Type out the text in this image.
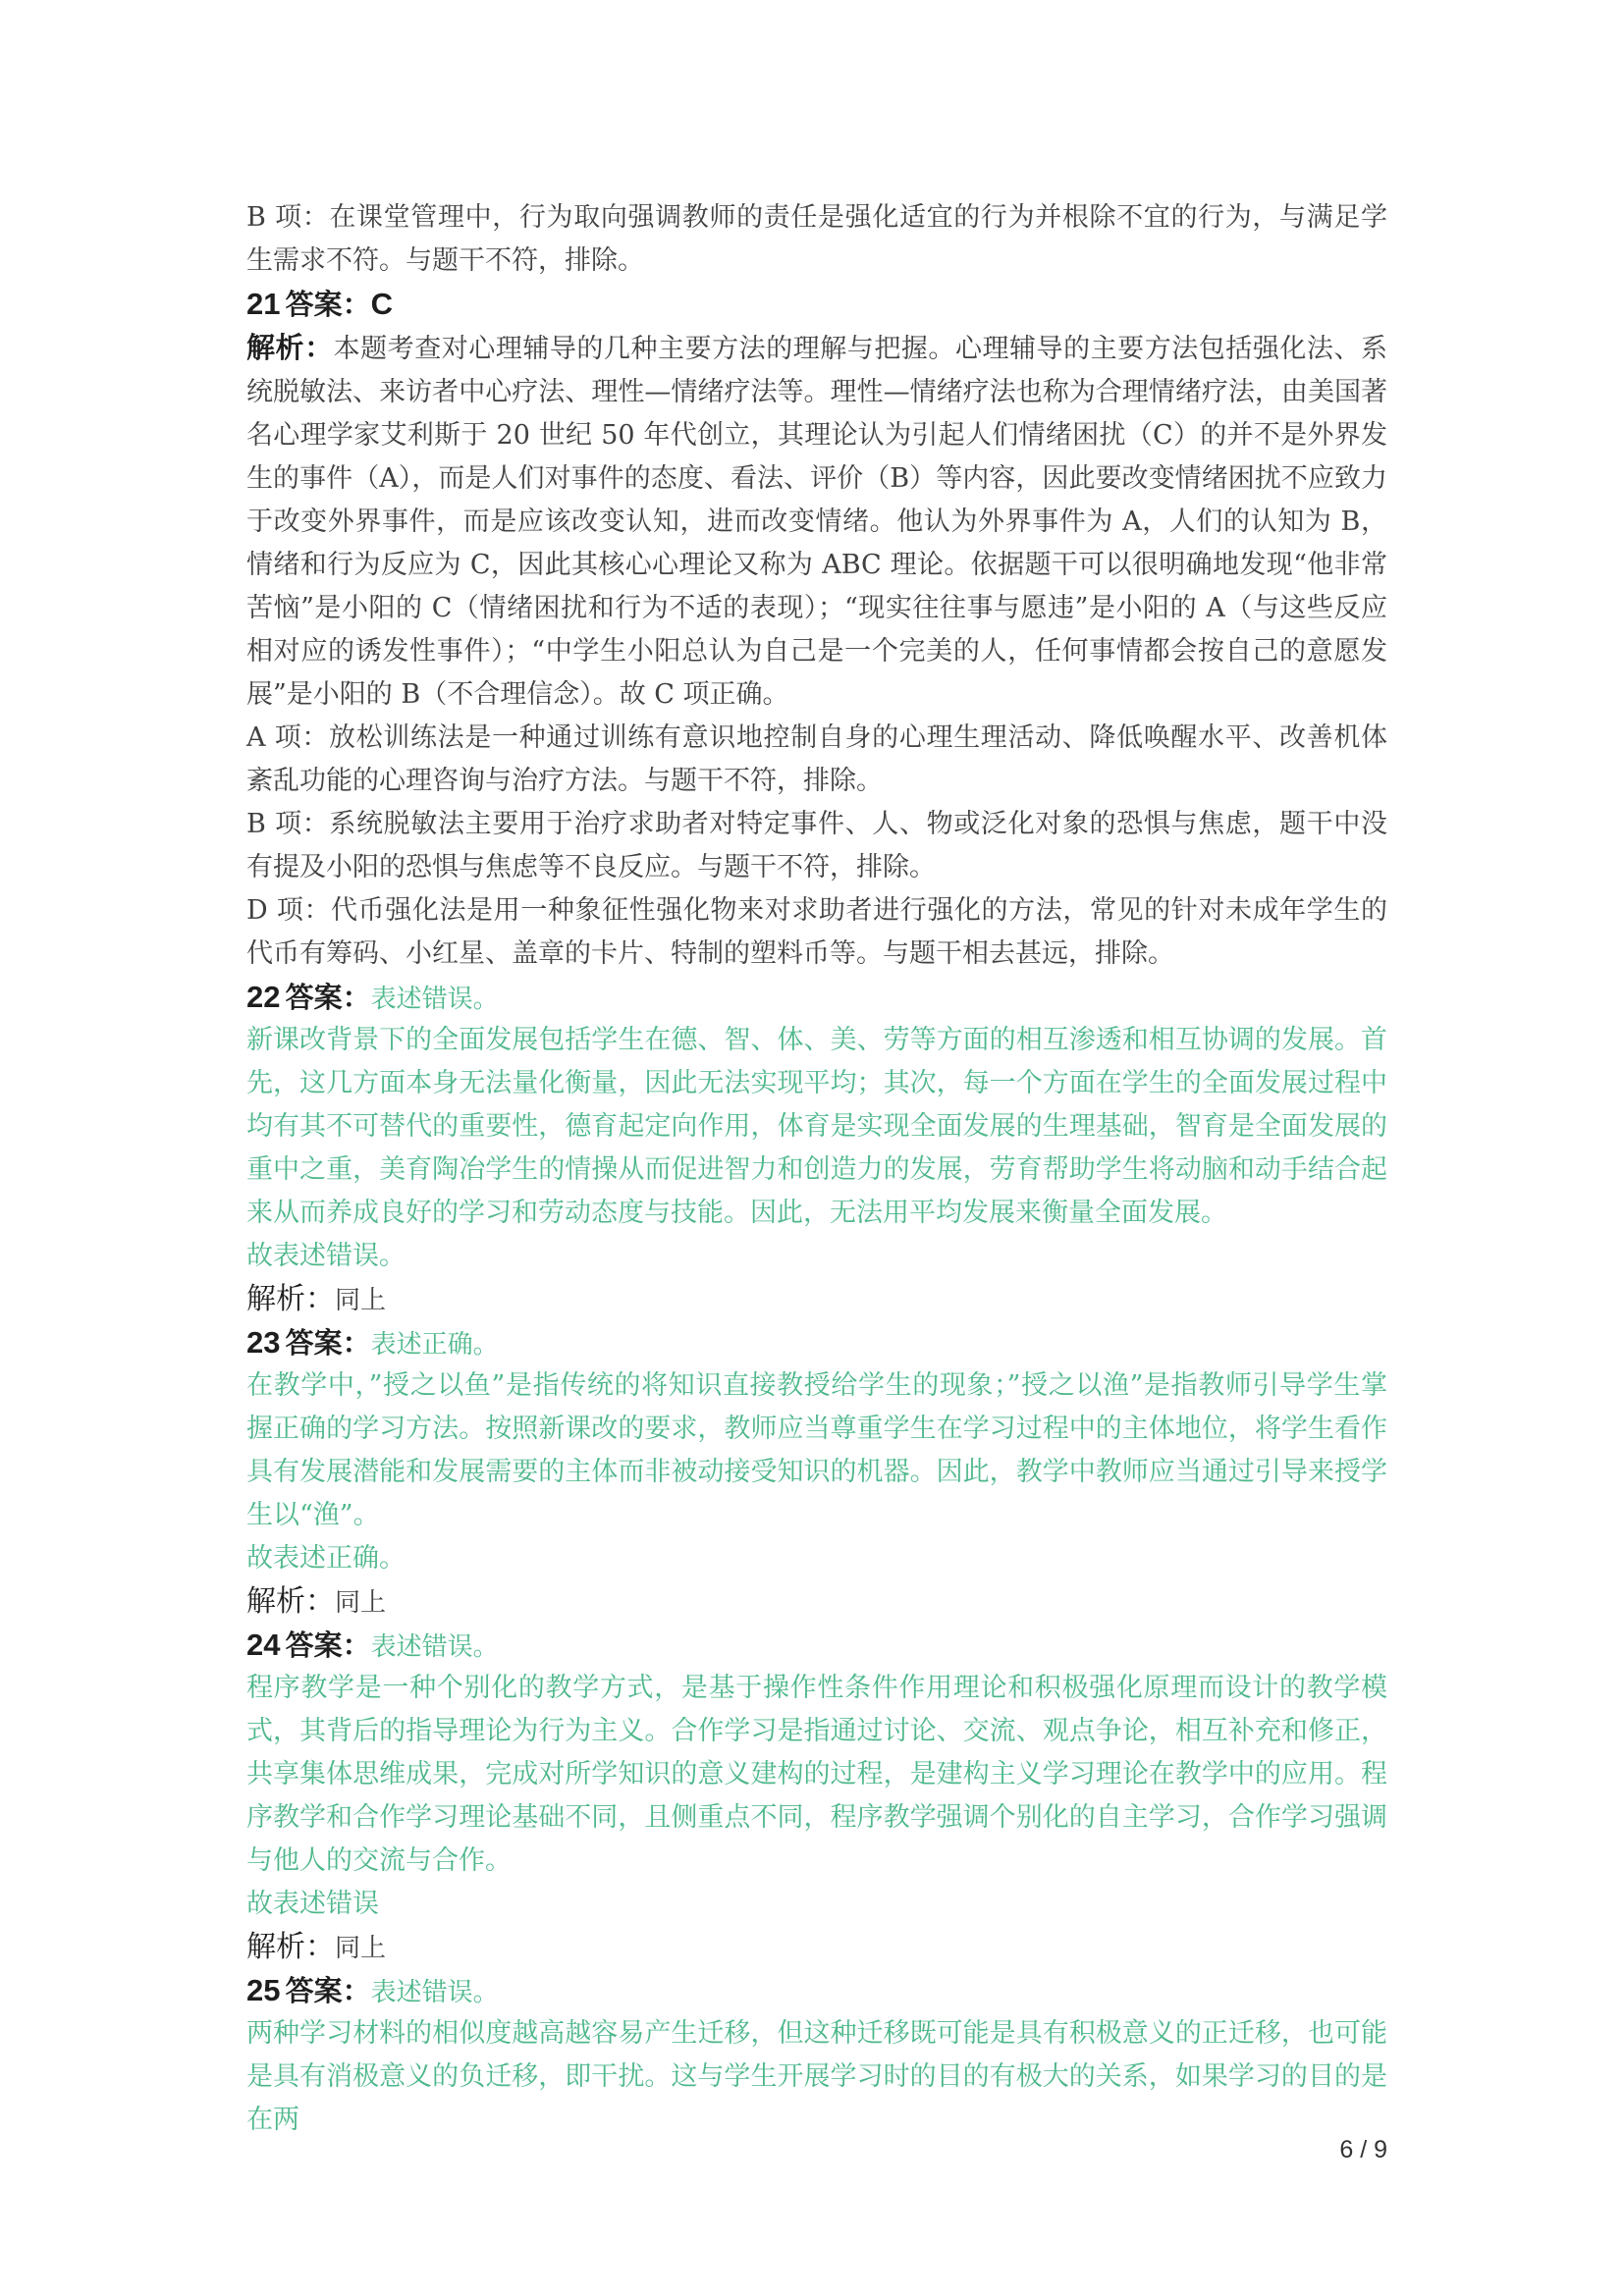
B 项：在课堂管理中，行为取向强调教师的责任是强化适宜的行为并根除不宜的行为，与满足学生需求不符。与题干不符，排除。

21 答案：C

解析：本题考查对心理辅导的几种主要方法的理解与把握。心理辅导的主要方法包括强化法、系统脱敏法、来访者中心疗法、理性—情绪疗法等。理性—情绪疗法也称为合理情绪疗法，由美国著名心理学家艾利斯于 20 世纪 50 年代创立，其理论认为引起人们情绪困扰（C）的并不是外界发生的事件（A），而是人们对事件的态度、看法、评价（B）等内容，因此要改变情绪困扰不应致力于改变外界事件，而是应该改变认知，进而改变情绪。他认为外界事件为 A，人们的认知为 B，情绪和行为反应为 C，因此其核心心理论又称为 ABC 理论。依据题干可以很明确地发现“他非常苦恼”是小阳的 C（情绪困扰和行为不适的表现）；“现实往往事与愿违”是小阳的 A（与这些反应相对应的诱发性事件）；“中学生小阳总认为自己是一个完美的人，任何事情都会按自己的意愿发展”是小阳的 B（不合理信念）。故 C 项正确。

A 项：放松训练法是一种通过训练有意识地控制自身的心理生理活动、降低唤醒水平、改善机体紊乱功能的心理咨询与治疗方法。与题干不符，排除。

B 项：系统脱敏法主要用于治疗求助者对特定事件、人、物或泛化对象的恐惧与焦虑，题干中没有提及小阳的恐惧与焦虑等不良反应。与题干不符，排除。

D 项：代币强化法是用一种象征性强化物来对求助者进行强化的方法，常见的针对未成年学生的代币有筹码、小红星、盖章的卡片、特制的塑料币等。与题干相去甚远，排除。

22 答案：表述错误。

新课改背景下的全面发展包括学生在德、智、体、美、劳等方面的相互渗透和相互协调的发展。首先，这几方面本身无法量化衡量，因此无法实现平均；其次，每一个方面在学生的全面发展过程中均有其不可替代的重要性，德育起定向作用，体育是实现全面发展的生理基础，智育是全面发展的重中之重，美育陶冶学生的情操从而促进智力和创造力的发展，劳育帮助学生将动脑和动手结合起来从而养成良好的学习和劳动态度与技能。因此，无法用平均发展来衡量全面发展。

故表述错误。

解析：同上
23 答案：表述正确。

在教学中，”授之以鱼”是指传统的将知识直接教授给学生的现象；”授之以渔”是指教师引导学生掌握正确的学习方法。按照新课改的要求，教师应当尊重学生在学习过程中的主体地位，将学生看作具有发展潜能和发展需要的主体而非被动接受知识的机器。因此，教学中教师应当通过引导来授学生以“渔”。

故表述正确。

解析：同上
24 答案：表述错误。

程序教学是一种个别化的教学方式，是基于操作性条件作用理论和积极强化原理而设计的教学模式，其背后的指导理论为行为主义。合作学习是指通过讨论、交流、观点争论，相互补充和修正，共享集体思维成果，完成对所学知识的意义建构的过程，是建构主义学习理论在教学中的应用。程序教学和合作学习理论基础不同，且侧重点不同，程序教学强调个别化的自主学习，合作学习强调与他人的交流与合作。

故表述错误

解析：同上
25 答案：表述错误。

两种学习材料的相似度越高越容易产生迁移，但这种迁移既可能是具有积极意义的正迁移，也可能是具有消极意义的负迁移，即干扰。这与学生开展学习时的目的有极大的关系，如果学习的目的是在两

6 / 9
